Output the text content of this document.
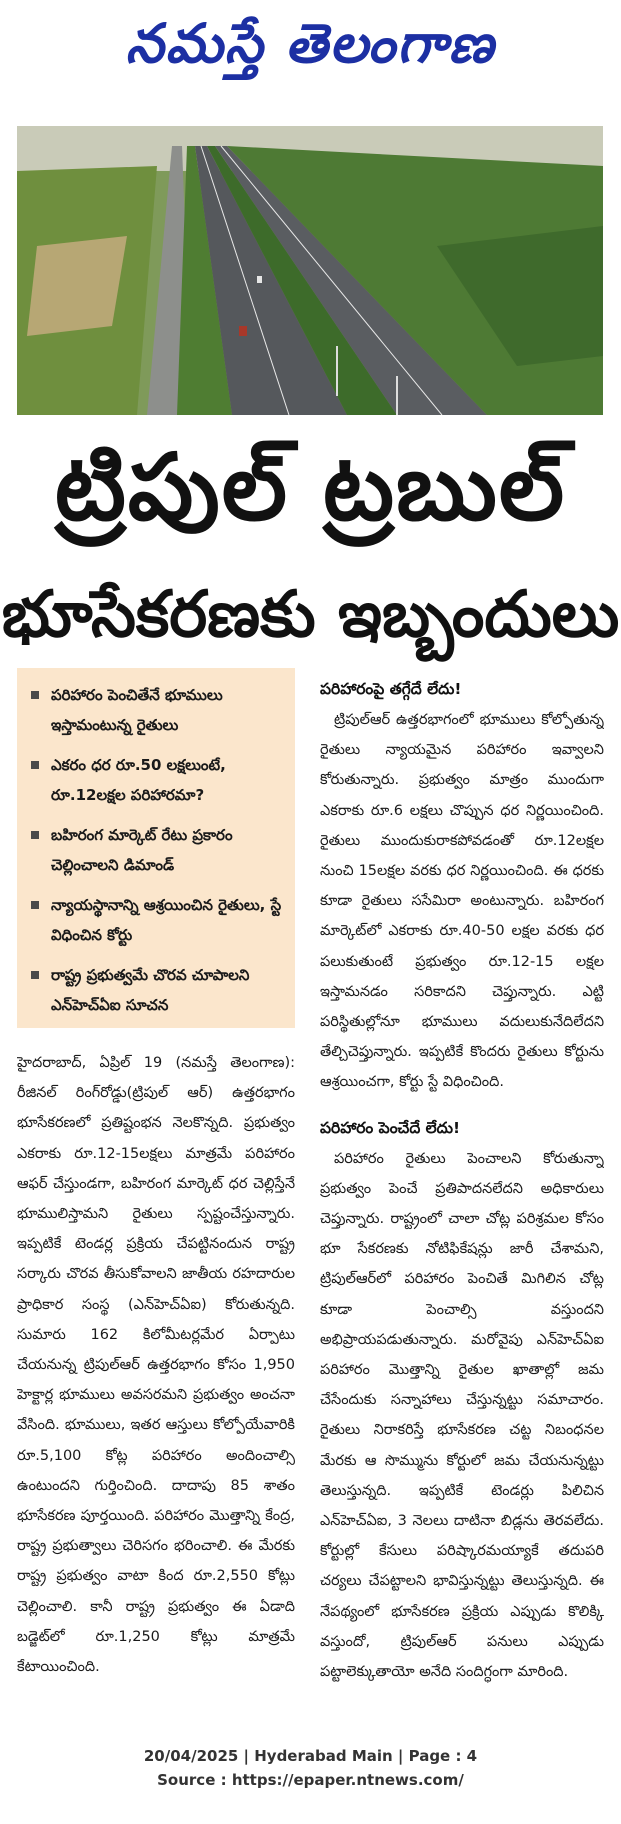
నమస్తే తెలంగాణ
ట్రిపుల్ ట్రబుల్
భూసేకరణకు ఇబ్బందులు
పరిహారం పెంచితేనే భూములు ఇస్తామంటున్న రైతులు
ఎకరం ధర రూ.50 లక్షలుంటే, రూ.12లక్షల పరిహారమా?
బహిరంగ మార్కెట్ రేటు ప్రకారం చెల్లించాలని డిమాండ్
న్యాయస్థానాన్ని ఆశ్రయించిన రైతులు, స్టే విధించిన కోర్టు
రాష్ట్ర ప్రభుత్వమే చొరవ చూపాలని ఎన్‌హెచ్‌ఏఐ సూచన
హైదరాబాద్, ఏప్రిల్ 19 (నమస్తే తెలంగాణ): రీజినల్ రింగ్‌రోడ్డు(ట్రిపుల్ ఆర్) ఉత్తరభాగం భూసేకరణలో ప్రతిష్టంభన నెలకొన్నది. ప్రభుత్వం ఎకరాకు రూ.12-15లక్షలు మాత్రమే పరిహారం ఆఫర్ చేస్తుండగా, బహిరంగ మార్కెట్ ధర చెల్లిస్తేనే భూములిస్తామని రైతులు స్పష్టంచేస్తున్నారు. ఇప్పటికే టెండర్ల ప్రక్రియ చేపట్టినందున రాష్ట్ర సర్కారు చొరవ తీసుకోవాలని జాతీయ రహదారుల ప్రాధికార సంస్థ (ఎన్‌హెచ్‌ఏఐ) కోరుతున్నది. సుమారు 162 కిలోమీటర్లమేర ఏర్పాటు చేయనున్న ట్రిపుల్‌ఆర్ ఉత్తరభాగం కోసం 1,950 హెక్టార్ల భూములు అవసరమని ప్రభుత్వం అంచనా వేసింది. భూములు, ఇతర ఆస్తులు కోల్పోయేవారికి రూ.5,100 కోట్ల పరిహారం అందించాల్సి ఉంటుందని గుర్తించింది. దాదాపు 85 శాతం భూసేకరణ పూర్తయింది. పరిహారం మొత్తాన్ని కేంద్ర, రాష్ట్ర ప్రభుత్వాలు చెరిసగం భరించాలి. ఈ మేరకు రాష్ట్ర ప్రభుత్వం వాటా కింద రూ.2,550 కోట్లు చెల్లించాలి. కానీ రాష్ట్ర ప్రభుత్వం ఈ ఏడాది బడ్జెట్‌లో రూ.1,250 కోట్లు మాత్రమే కేటాయించింది.
పరిహారంపై తగ్గేదే లేదు!

ట్రిపుల్‌ఆర్ ఉత్తరభాగంలో భూములు కోల్పోతున్న రైతులు న్యాయమైన పరిహారం ఇవ్వాలని కోరుతున్నారు. ప్రభుత్వం మాత్రం ముందుగా ఎకరాకు రూ.6 లక్షలు చొప్పున ధర నిర్ణయించింది. రైతులు ముందుకురాకపోవడంతో రూ.12లక్షల నుంచి 15లక్షల వరకు ధర నిర్ణయించింది. ఈ ధరకు కూడా రైతులు ససేమిరా అంటున్నారు. బహిరంగ మార్కెట్‌లో ఎకరాకు రూ.40-50 లక్షల వరకు ధర పలుకుతుంటే ప్రభుత్వం రూ.12-15 లక్షల ఇస్తామనడం సరికాదని చెప్తున్నారు. ఎట్టి పరిస్థితుల్లోనూ భూములు వదులుకునేదిలేదని తేల్చిచెప్తున్నారు. ఇప్పటికే కొందరు రైతులు కోర్టును ఆశ్రయించగా, కోర్టు స్టే విధించింది.

పరిహారం పెంచేదే లేదు!

పరిహారం రైతులు పెంచాలని కోరుతున్నా ప్రభుత్వం పెంచే ప్రతిపాదనలేదని అధికారులు చెప్తున్నారు. రాష్ట్రంలో చాలా చోట్ల పరిశ్రమల కోసం భూ సేకరణకు నోటిఫికేషన్లు జారీ చేశామని, ట్రిపుల్‌ఆర్‌లో పరిహారం పెంచితే మిగిలిన చోట్ల కూడా పెంచాల్సి వస్తుందని అభిప్రాయపడుతున్నారు. మరోవైపు ఎన్‌హెచ్‌ఏఐ పరిహారం మొత్తాన్ని రైతుల ఖాతాల్లో జమ చేసేందుకు సన్నాహాలు చేస్తున్నట్టు సమాచారం. రైతులు నిరాకరిస్తే భూసేకరణ చట్ట నిబంధనల మేరకు ఆ సొమ్మును కోర్టులో జమ చేయనున్నట్టు తెలుస్తున్నది. ఇప్పటికే టెండర్లు పిలిచిన ఎన్‌హెచ్‌ఏఐ, 3 నెలలు దాటినా బిడ్లను తెరవలేదు. కోర్టుల్లో కేసులు పరిష్కారమయ్యాకే తదుపరి చర్యలు చేపట్టాలని భావిస్తున్నట్టు తెలుస్తున్నది. ఈ నేపథ్యంలో భూసేకరణ ప్రక్రియ ఎప్పుడు కొలిక్కి వస్తుందో, ట్రిపుల్‌ఆర్ పనులు ఎప్పుడు పట్టాలెక్కుతాయో అనేది సందిగ్ధంగా మారింది.

20/04/2025 | Hyderabad Main | Page : 4
Source : https://epaper.ntnews.com/
